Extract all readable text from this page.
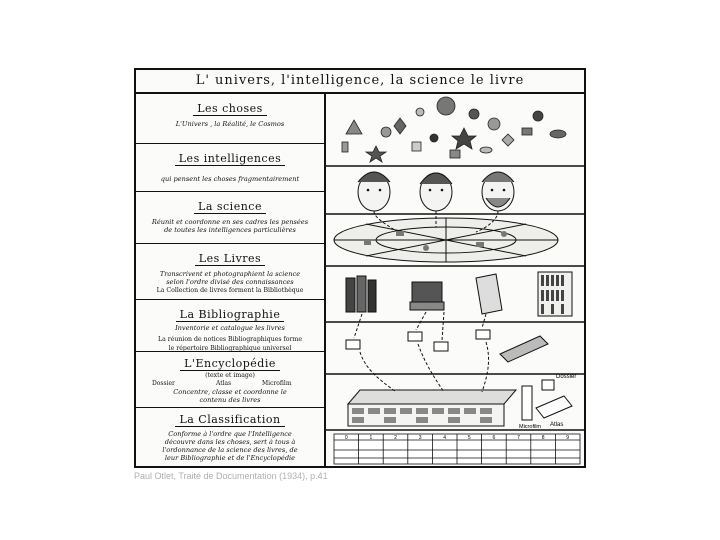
L' univers, l'intelligence, la science le livre
Les choses
L'Univers , la Réalité, le Cosmos
Les intelligences
qui pensent les choses fragmentairement
La science
Réunit et coordonne en ses cadres les pensées
de toutes les intelligences particulières
Les Livres
Transcrivent et photographient la science
selon l'ordre divisé des connaissances
La Collection de livres forment la Bibliothèque
La Bibliographie
Inventorie et catalogue les livres
La réunion de notices Bibliographiques forme
le répertoire Bibliographique universel
L'Encyclopédie
(texte et image)
Dossier	Atlas	Microfilm
Concentre, classe et coordonne le
contenu des livres
La Classification
Conforme à l'ordre que l'Intelligence
découvre dans les choses, sert à tous à
l'ordonnance de la science des livres, de
leur Bibliographie et de l'Encyclopédie
Dossier
Atlas
Microfilm
0	1	2	3	4	5	6	7	8	9
Paul Otlet, Traité de Documentation (1934), p.41
